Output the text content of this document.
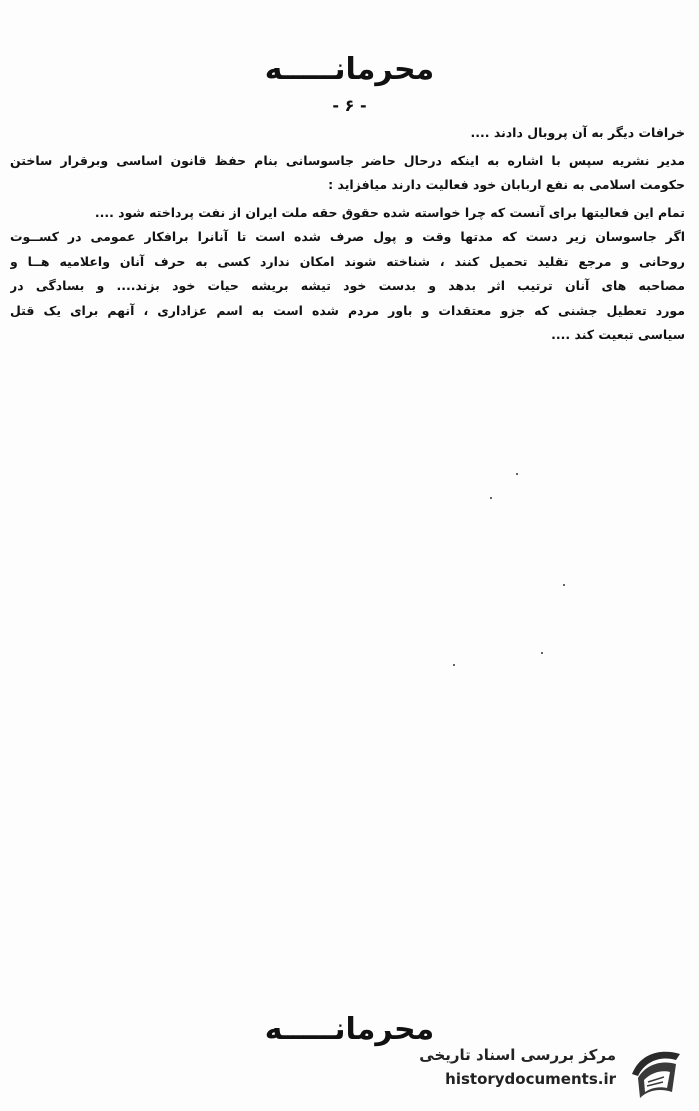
محرمانـــــه
- ۶ -
خرافات دیگر به آن پروبال دادند ....
مدیر نشریه سپس با اشاره به اینکه درحال حاضر جاسوسانی بنام حفظ قانون اساسی وبرقرار ساختن
حکومت اسلامی به نفع اربابان خود فعالیت دارند میافزاید :
تمام این فعالیتها برای آنست که چرا خواسته شده حقوق حقه ملت ایران از نفت پرداخته شود ....
اگر جاسوسان زیر دست که مدتها وقت و پول صرف شده است تا آنانرا برافکار عمومی در کســوت
روحانی و مرجع تقلید تحمیل کنند ، شناخته شوند امکان ندارد کسی به حرف آنان واعلامیه هــا و
مصاحبه های آنان ترتیب اثر بدهد و بدست خود تیشه بریشه حیات خود بزند.... و بسادگی در
مورد تعطیل جشنی که جزو معتقدات و باور مردم شده است به اسم عزاداری ، آنهم برای یک قتل
سیاسی تبعیت کند ....
محرمانـــــه
مرکز بررسی اسناد تاریخی
historydocuments.ir
